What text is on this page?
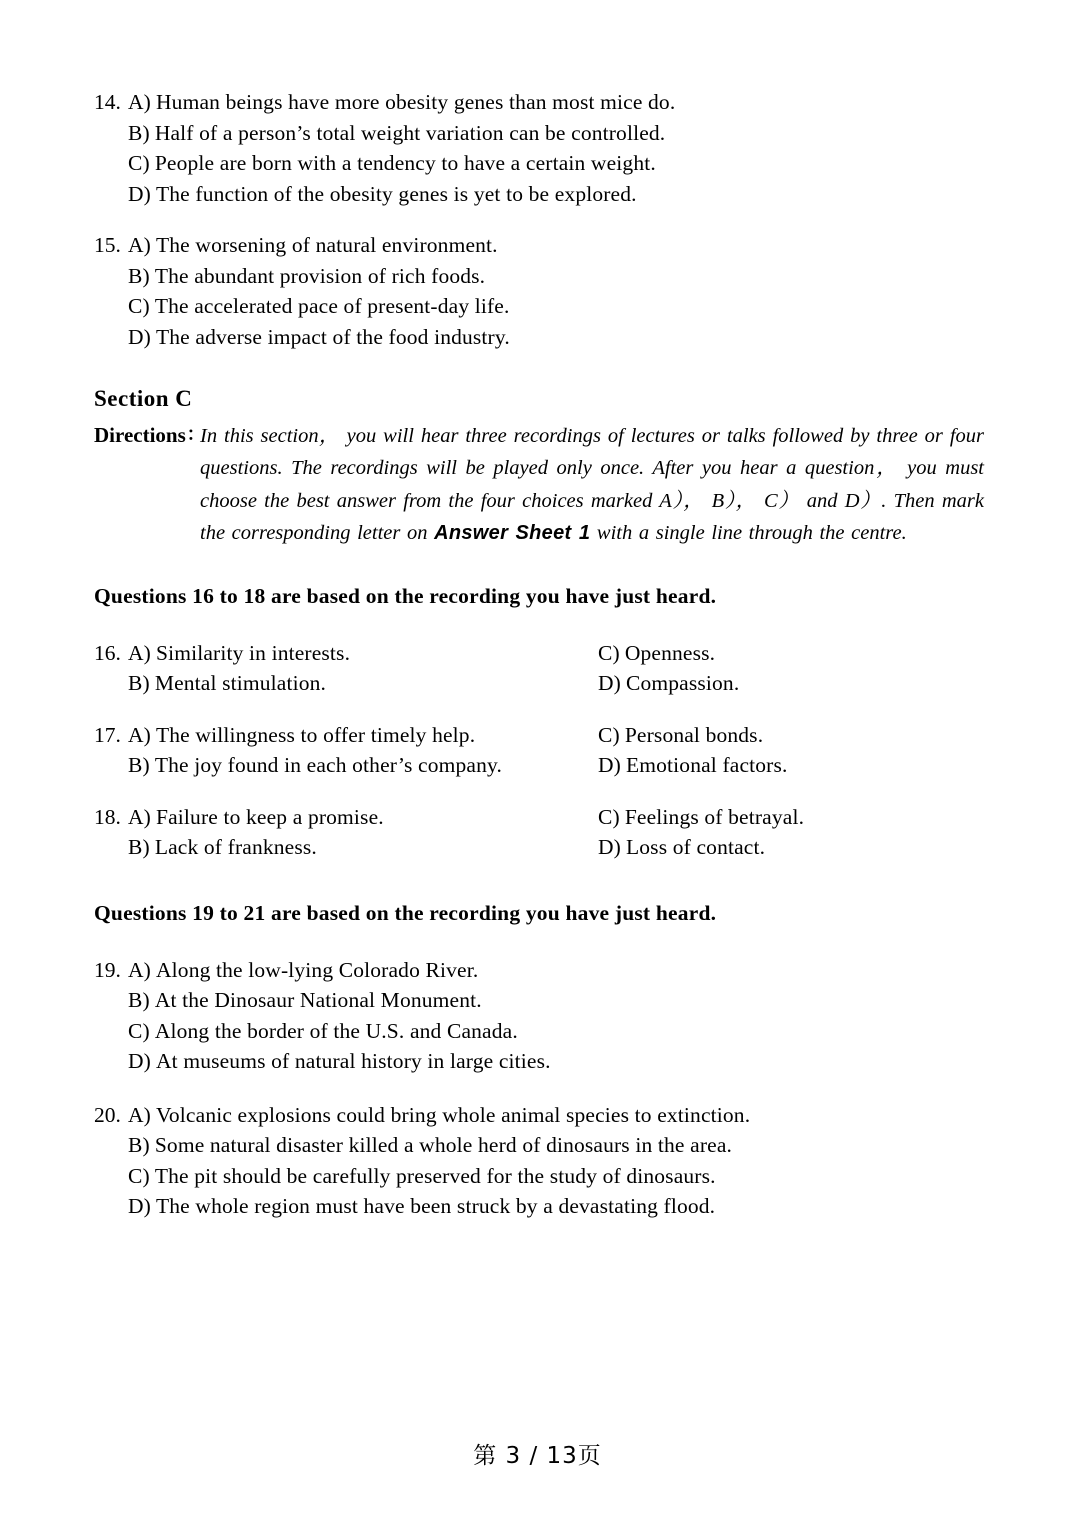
14. A) Human beings have more obesity genes than most mice do.
B) Half of a person’s total weight variation can be controlled.
C) People are born with a tendency to have a certain weight.
D) The function of the obesity genes is yet to be explored.
15. A) The worsening of natural environment.
B) The abundant provision of rich foods.
C) The accelerated pace of present-day life.
D) The adverse impact of the food industry.
Section C
Directions：
In this section， you will hear three recordings of lectures or talks followed by three or four questions. The recordings will be played only once. After you hear a question， you must choose the best answer from the four choices marked A）， B）， C） and D）. Then mark the corresponding letter on Answer Sheet 1 with a single line through the centre.
Questions 16 to 18 are based on the recording you have just heard.
16. A) Similarity in interests.	C) Openness.
B) Mental stimulation.	D) Compassion.
17. A) The willingness to offer timely help.	C) Personal bonds.
B) The joy found in each other’s company.	D) Emotional factors.
18. A) Failure to keep a promise.	C) Feelings of betrayal.
B) Lack of frankness.	D) Loss of contact.
Questions 19 to 21 are based on the recording you have just heard.
19. A) Along the low-lying Colorado River.
B) At the Dinosaur National Monument.
C) Along the border of the U.S. and Canada.
D) At museums of natural history in large cities.
20. A) Volcanic explosions could bring whole animal species to extinction.
B) Some natural disaster killed a whole herd of dinosaurs in the area.
C) The pit should be carefully preserved for the study of dinosaurs.
D) The whole region must have been struck by a devastating flood.
第 3 / 13页
